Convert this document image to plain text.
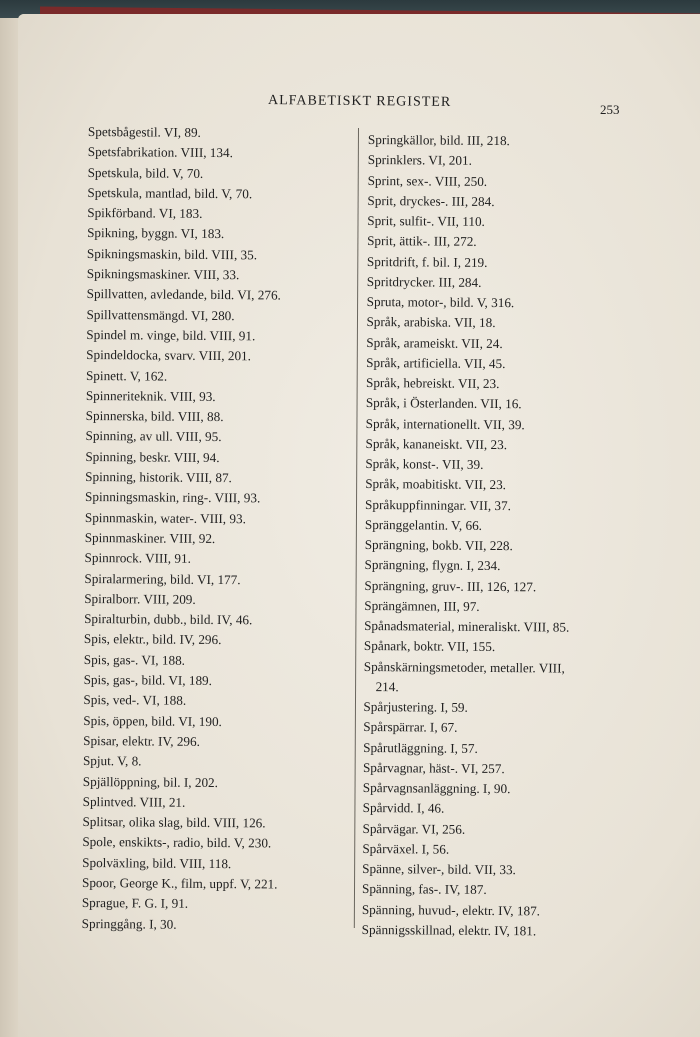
ALFABETISKT REGISTER	253
Spetsbågestil. VI, 89.
Spetsfabrikation. VIII, 134.
Spetskula, bild. V, 70.
Spetskula, mantlad, bild. V, 70.
Spikförband. VI, 183.
Spikning, byggn. VI, 183.
Spikningsmaskin, bild. VIII, 35.
Spikningsmaskiner. VIII, 33.
Spillvatten, avledande, bild. VI, 276.
Spillvattensmängd. VI, 280.
Spindel m. vinge, bild. VIII, 91.
Spindeldocka, svarv. VIII, 201.
Spinett. V, 162.
Spinneriteknik. VIII, 93.
Spinnerska, bild. VIII, 88.
Spinning, av ull. VIII, 95.
Spinning, beskr. VIII, 94.
Spinning, historik. VIII, 87.
Spinningsmaskin, ring-. VIII, 93.
Spinnmaskin, water-. VIII, 93.
Spinnmaskiner. VIII, 92.
Spinnrock. VIII, 91.
Spiralarmering, bild. VI, 177.
Spiralborr. VIII, 209.
Spiralturbin, dubb., bild. IV, 46.
Spis, elektr., bild. IV, 296.
Spis, gas-. VI, 188.
Spis, gas-, bild. VI, 189.
Spis, ved-. VI, 188.
Spis, öppen, bild. VI, 190.
Spisar, elektr. IV, 296.
Spjut. V, 8.
Spjällöppning, bil. I, 202.
Splintved. VIII, 21.
Splitsar, olika slag, bild. VIII, 126.
Spole, enskikts-, radio, bild. V, 230.
Spolväxling, bild. VIII, 118.
Spoor, George K., film, uppf. V, 221.
Sprague, F. G. I, 91.
Springgång. I, 30.
Springkällor, bild. III, 218.
Sprinklers. VI, 201.
Sprint, sex-. VIII, 250.
Sprit, dryckes-. III, 284.
Sprit, sulfit-. VII, 110.
Sprit, ättik-. III, 272.
Spritdrift, f. bil. I, 219.
Spritdrycker. III, 284.
Spruta, motor-, bild. V, 316.
Språk, arabiska. VII, 18.
Språk, arameiskt. VII, 24.
Språk, artificiella. VII, 45.
Språk, hebreiskt. VII, 23.
Språk, i Österlanden. VII, 16.
Språk, internationellt. VII, 39.
Språk, kananeiskt. VII, 23.
Språk, konst-. VII, 39.
Språk, moabitiskt. VII, 23.
Språkuppfinningar. VII, 37.
Spränggelantin. V, 66.
Sprängning, bokb. VII, 228.
Sprängning, flygn. I, 234.
Sprängning, gruv-. III, 126, 127.
Sprängämnen, III, 97.
Spånadsmaterial, mineraliskt. VIII, 85.
Spånark, boktr. VII, 155.
Spånskärningsmetoder, metaller. VIII,
214.
Spårjustering. I, 59.
Spårspärrar. I, 67.
Spårutläggning. I, 57.
Spårvagnar, häst-. VI, 257.
Spårvagnsanläggning. I, 90.
Spårvidd. I, 46.
Spårvägar. VI, 256.
Spårväxel. I, 56.
Spänne, silver-, bild. VII, 33.
Spänning, fas-. IV, 187.
Spänning, huvud-, elektr. IV, 187.
Spännigsskillnad, elektr. IV, 181.
